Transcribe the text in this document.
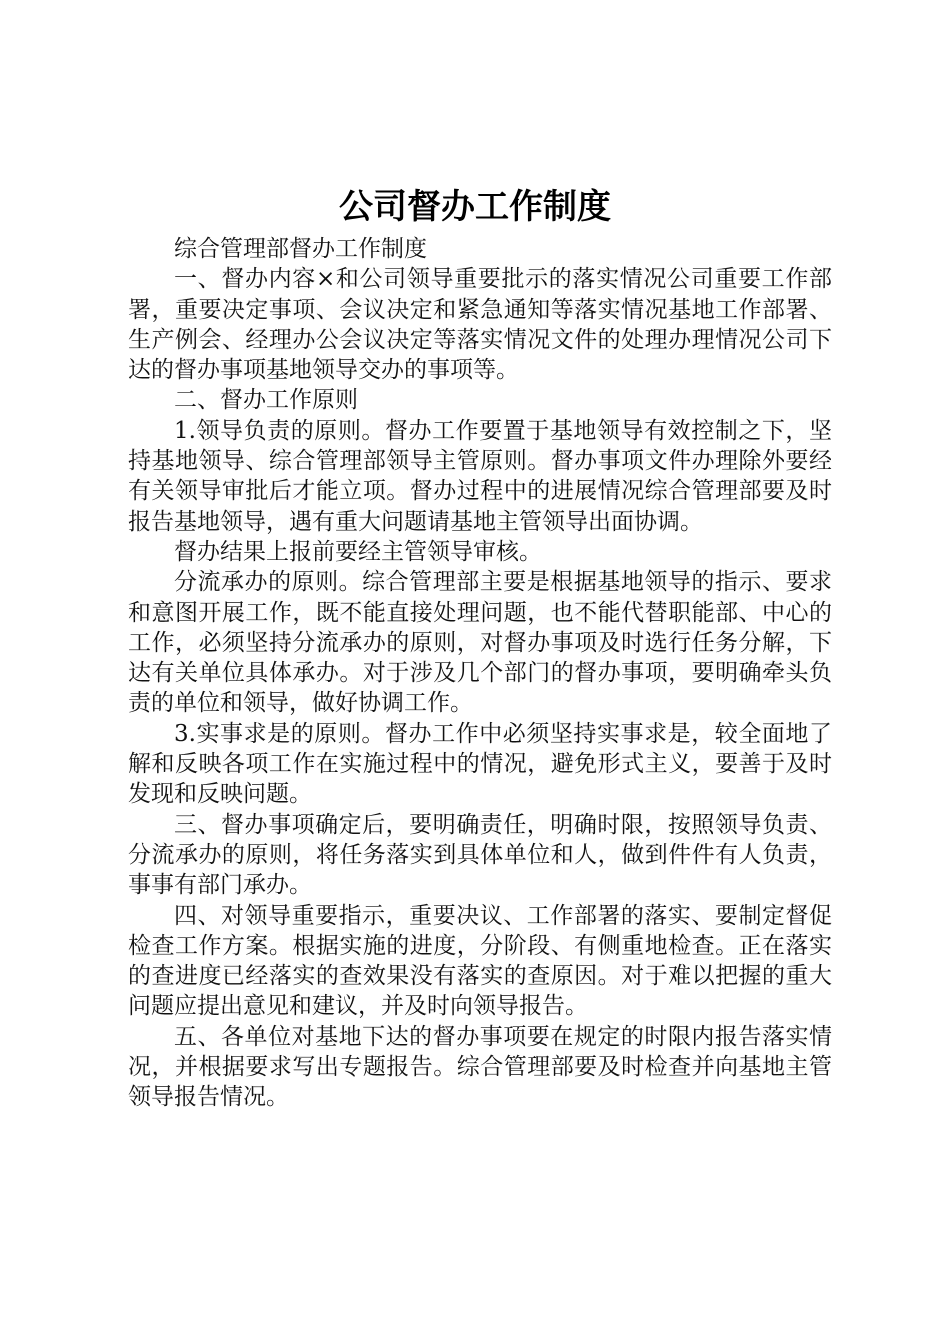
公司督办工作制度

综合管理部督办工作制度

一、督办内容×和公司领导重要批示的落实情况公司重要工作部署，重要决定事项、会议决定和紧急通知等落实情况基地工作部署、生产例会、经理办公会议决定等落实情况文件的处理办理情况公司下达的督办事项基地领导交办的事项等。

二、督办工作原则

1.领导负责的原则。督办工作要置于基地领导有效控制之下，坚持基地领导、综合管理部领导主管原则。督办事项文件办理除外要经有关领导审批后才能立项。督办过程中的进展情况综合管理部要及时报告基地领导，遇有重大问题请基地主管领导出面协调。

督办结果上报前要经主管领导审核。

分流承办的原则。综合管理部主要是根据基地领导的指示、要求和意图开展工作，既不能直接处理问题，也不能代替职能部、中心的工作，必须坚持分流承办的原则，对督办事项及时选行任务分解，下达有关单位具体承办。对于涉及几个部门的督办事项，要明确牵头负责的单位和领导，做好协调工作。

3.实事求是的原则。督办工作中必须坚持实事求是，较全面地了解和反映各项工作在实施过程中的情况，避免形式主义，要善于及时发现和反映问题。

三、督办事项确定后，要明确责任，明确时限，按照领导负责、分流承办的原则，将任务落实到具体单位和人，做到件件有人负责，事事有部门承办。

四、对领导重要指示，重要决议、工作部署的落实、要制定督促检查工作方案。根据实施的进度，分阶段、有侧重地检查。正在落实的查进度已经落实的查效果没有落实的查原因。对于难以把握的重大问题应提出意见和建议，并及时向领导报告。

五、各单位对基地下达的督办事项要在规定的时限内报告落实情况，并根据要求写出专题报告。综合管理部要及时检查并向基地主管领导报告情况。
